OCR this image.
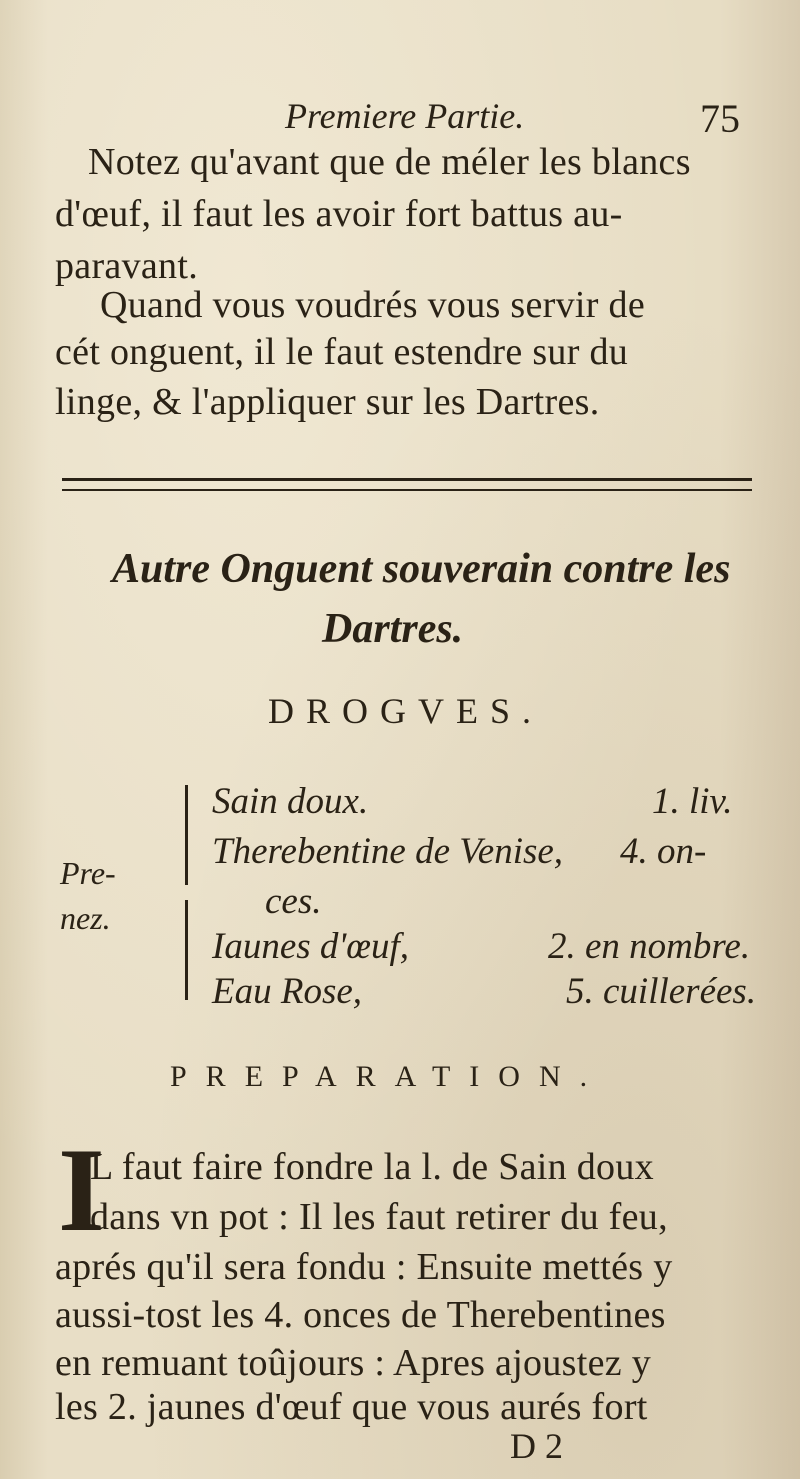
Premiere Partie.	75
Notez qu'avant que de méler les blancs
d'œuf, il faut les avoir fort battus au-
paravant.
Quand vous voudrés vous servir de
cét onguent, il le faut estendre sur du
linge, & l'appliquer sur les Dartres.
Autre Onguent souverain contre les
Dartres.
DROGVES.
Pre-
nez.
Sain doux.	1. liv.
Therebentine de Venise, 4. on-
ces.
Iaunes d'œuf,	2. en nombre.
Eau Rose,	5. cuillerées.
PREPARATION.
I
L faut faire fondre la l. de Sain doux
dans vn pot : Il les faut retirer du feu,
aprés qu'il sera fondu : Ensuite mettés y
aussi-tost les 4. onces de Therebentines
en remuant toûjours : Apres ajoustez y
les 2. jaunes d'œuf que vous aurés fort
D 2
